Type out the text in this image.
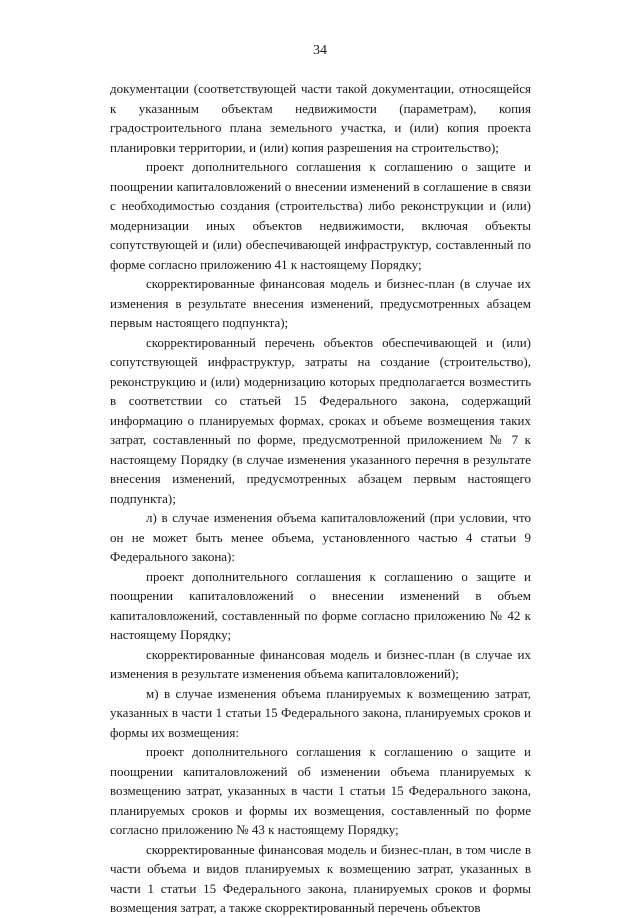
34

документации (соответствующей части такой документации, относящейся к указанным объектам недвижимости (параметрам), копия градостроительного плана земельного участка, и (или) копия проекта планировки территории, и (или) копия разрешения на строительство);

проект дополнительного соглашения к соглашению о защите и поощрении капиталовложений о внесении изменений в соглашение в связи с необходимостью создания (строительства) либо реконструкции и (или) модернизации иных объектов недвижимости, включая объекты сопутствующей и (или) обеспечивающей инфраструктур, составленный по форме согласно приложению 41 к настоящему Порядку;

скорректированные финансовая модель и бизнес-план (в случае их изменения в результате внесения изменений, предусмотренных абзацем первым настоящего подпункта);

скорректированный перечень объектов обеспечивающей и (или) сопутствующей инфраструктур, затраты на создание (строительство), реконструкцию и (или) модернизацию которых предполагается возместить в соответствии со статьей 15 Федерального закона, содержащий информацию о планируемых формах, сроках и объеме возмещения таких затрат, составленный по форме, предусмотренной приложением № 7 к настоящему Порядку (в случае изменения указанного перечня в результате внесения изменений, предусмотренных абзацем первым настоящего подпункта);

л) в случае изменения объема капиталовложений (при условии, что он не может быть менее объема, установленного частью 4 статьи 9 Федерального закона):

проект дополнительного соглашения к соглашению о защите и поощрении капиталовложений о внесении изменений в объем капиталовложений, составленный по форме согласно приложению № 42 к настоящему Порядку;

скорректированные финансовая модель и бизнес-план (в случае их изменения в результате изменения объема капиталовложений);

м) в случае изменения объема планируемых к возмещению затрат, указанных в части 1 статьи 15 Федерального закона, планируемых сроков и формы их возмещения:

проект дополнительного соглашения к соглашению о защите и поощрении капиталовложений об изменении объема планируемых к возмещению затрат, указанных в части 1 статьи 15 Федерального закона, планируемых сроков и формы их возмещения, составленный по форме согласно приложению № 43 к настоящему Порядку;

скорректированные финансовая модель и бизнес-план, в том числе в части объема и видов планируемых к возмещению затрат, указанных в части 1 статьи 15 Федерального закона, планируемых сроков и формы возмещения затрат, а также скорректированный перечень объектов
